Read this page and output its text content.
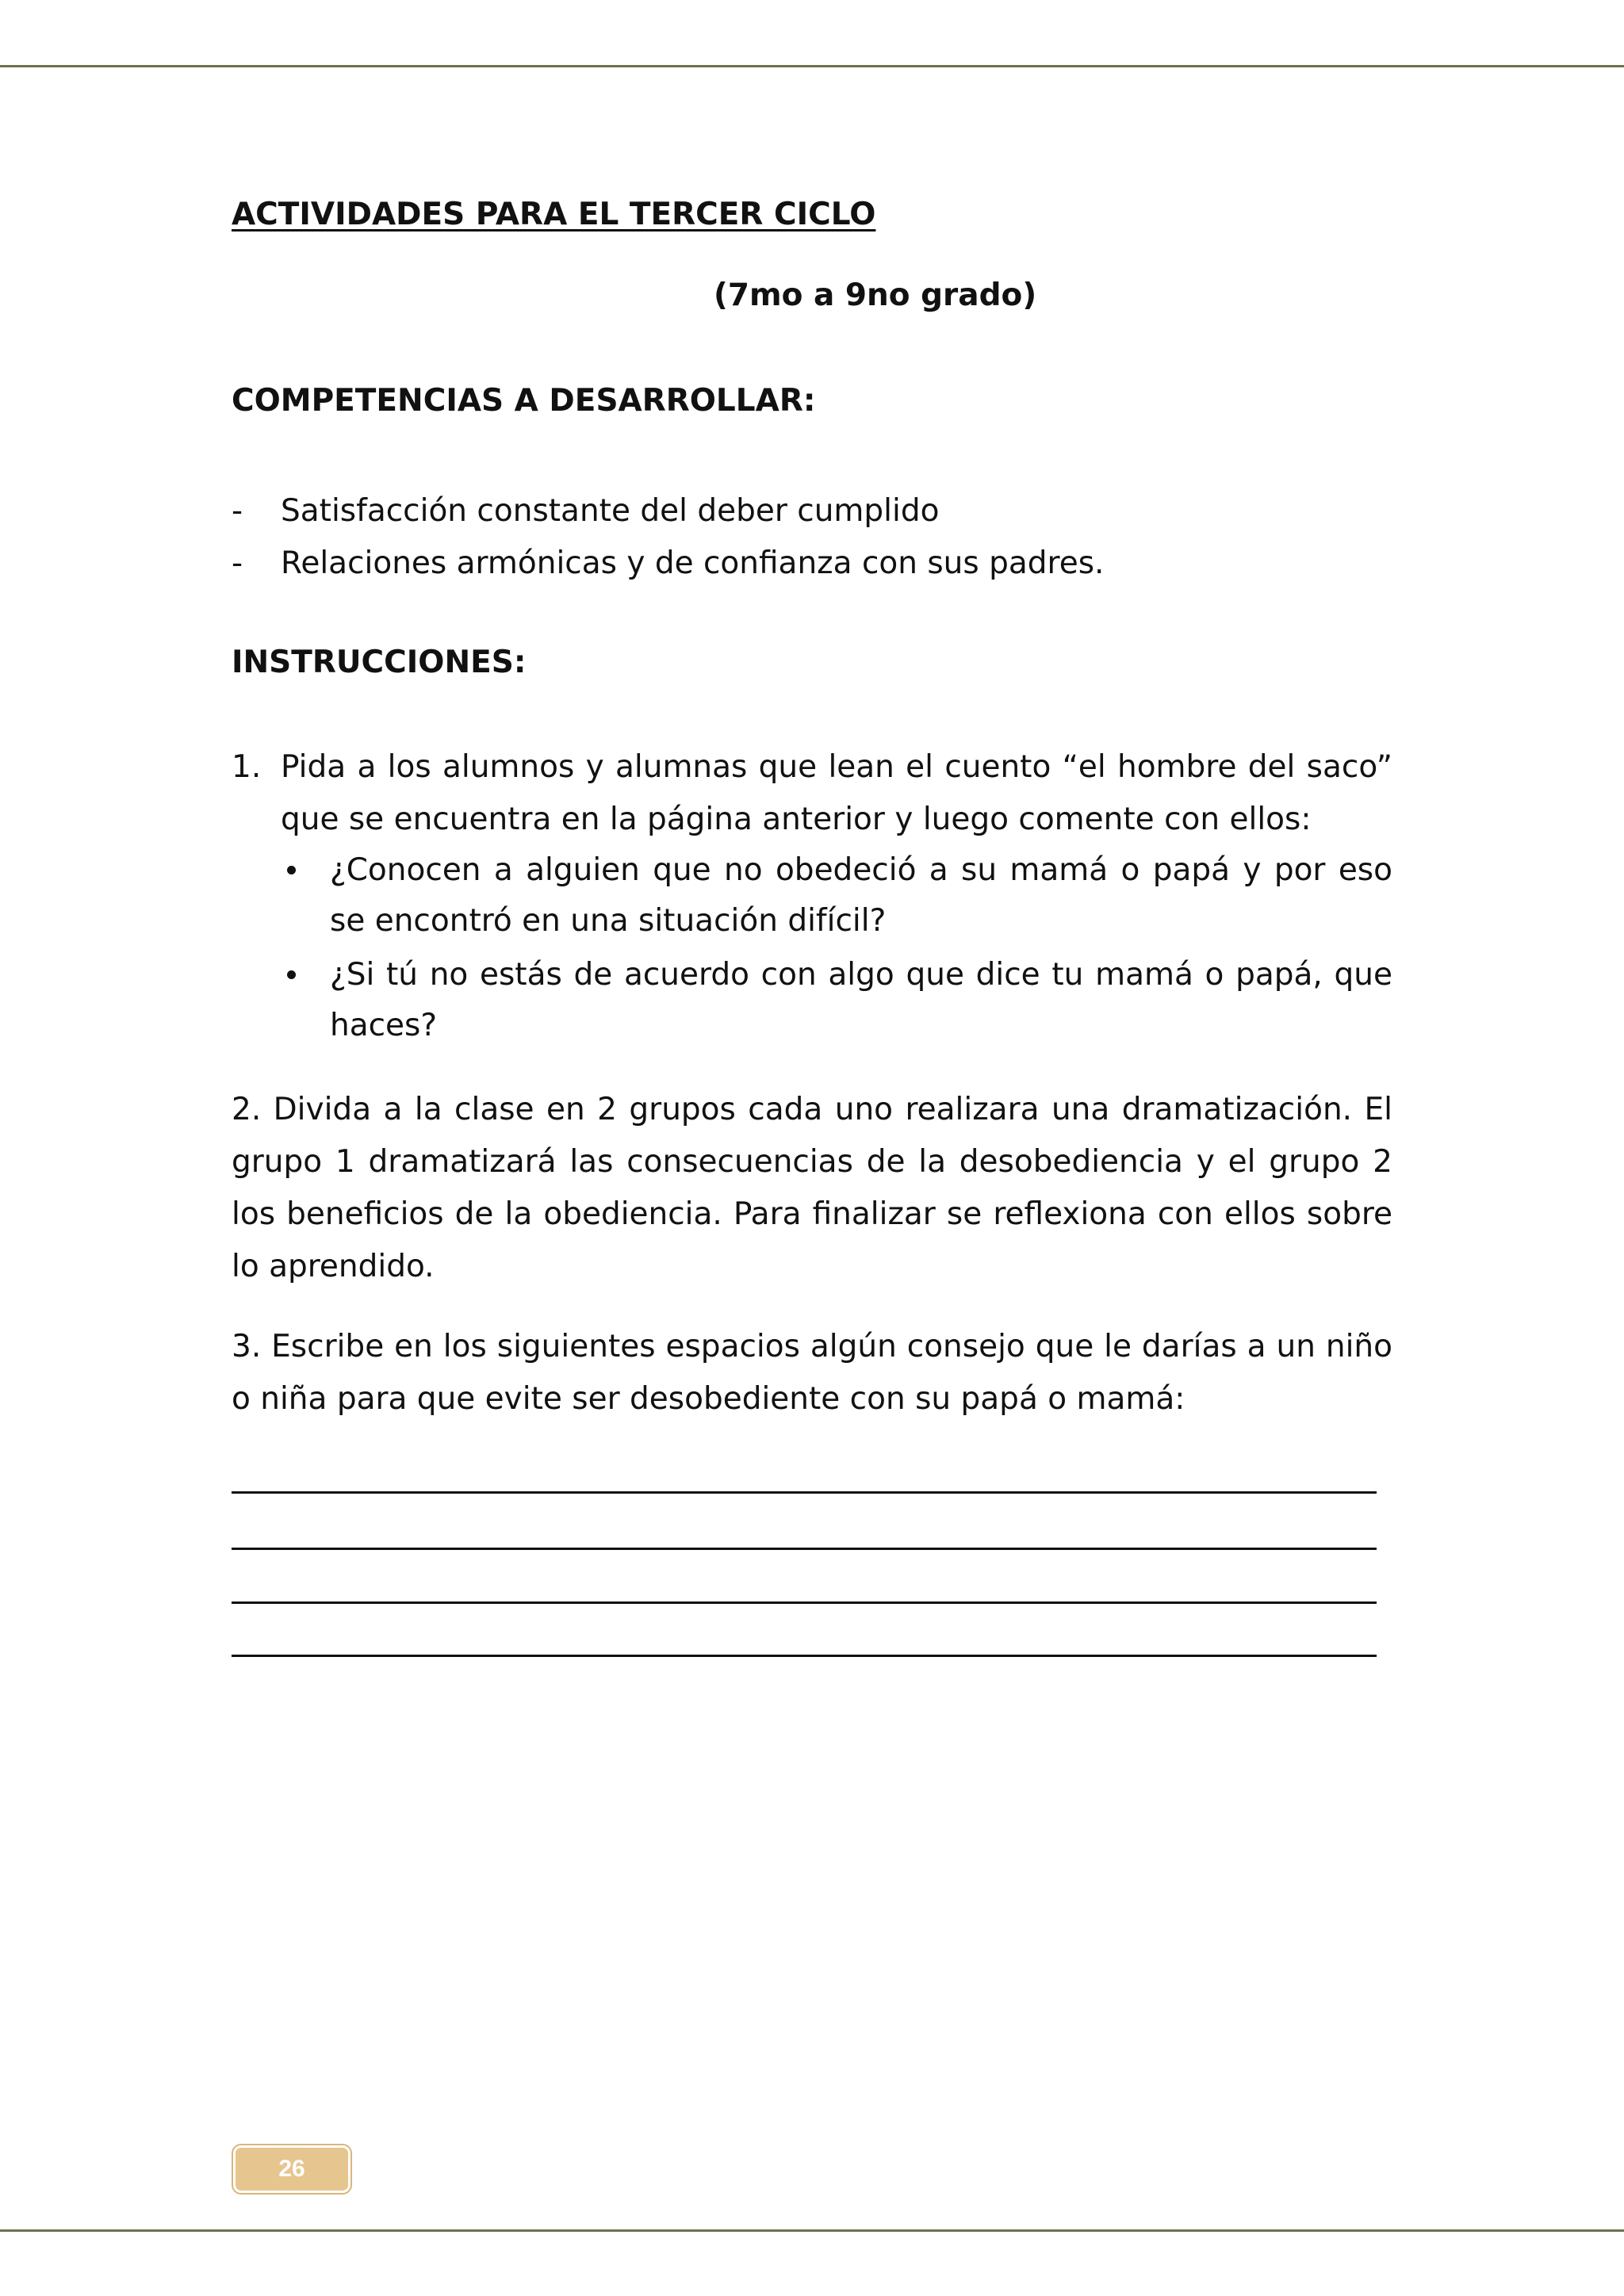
ACTIVIDADES PARA EL TERCER CICLO
(7mo a 9no grado)
COMPETENCIAS A DESARROLLAR:
- Satisfacción constante del deber cumplido
- Relaciones armónicas y de confianza con sus padres.
INSTRUCCIONES:
1. Pida a los alumnos y alumnas que lean el cuento “el hombre del saco” que se encuentra en la página anterior y luego comente con ellos:
¿Conocen a alguien que no obedeció a su mamá o papá y por eso se encontró en una situación difícil?
¿Si tú no estás de acuerdo con algo que dice tu mamá o papá, que haces?
2. Divida a la clase en 2 grupos cada uno realizara una dramatización. El grupo 1 dramatizará las consecuencias de la desobediencia y el grupo 2 los beneficios de la obediencia. Para finalizar se reflexiona con ellos sobre lo aprendido.
3. Escribe en los siguientes espacios algún consejo que le darías a un niño o niña para que evite ser desobediente con su papá o mamá:
26
